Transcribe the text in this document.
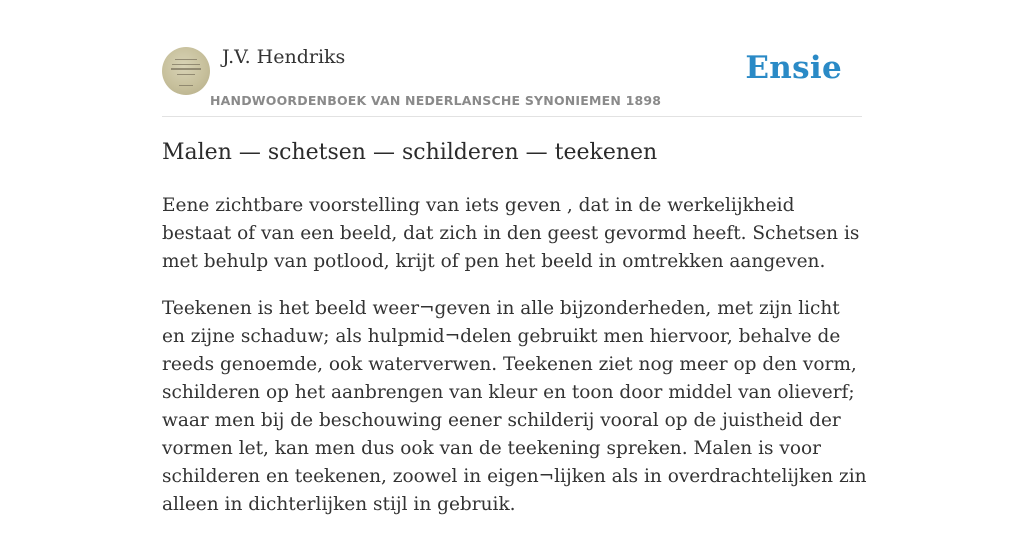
J.V. Hendriks
HANDWOORDENBOEK VAN NEDERLANSCHE SYNONIEMEN 1898
Ensie
Malen — schetsen — schilderen — teekenen

Eene zichtbare voorstelling van iets geven , dat in de werkelijkheid bestaat of van een beeld, dat zich in den geest gevormd heeft. Schetsen is met behulp van potlood, krijt of pen het beeld in omtrekken aangeven.

Teekenen is het beeld weer¬geven in alle bijzonderheden, met zijn licht en zijne schaduw; als hulpmid¬delen gebruikt men hiervoor, behalve de reeds genoemde, ook waterverwen. Teekenen ziet nog meer op den vorm, schilderen op het aanbrengen van kleur en toon door middel van olieverf; waar men bij de beschouwing eener schilderij vooral op de juistheid der vormen let, kan men dus ook van de teekening spreken. Malen is voor schilderen en teekenen, zoowel in eigen¬lijken als in overdrachtelijken zin alleen in dichterlijken stijl in gebruik.
